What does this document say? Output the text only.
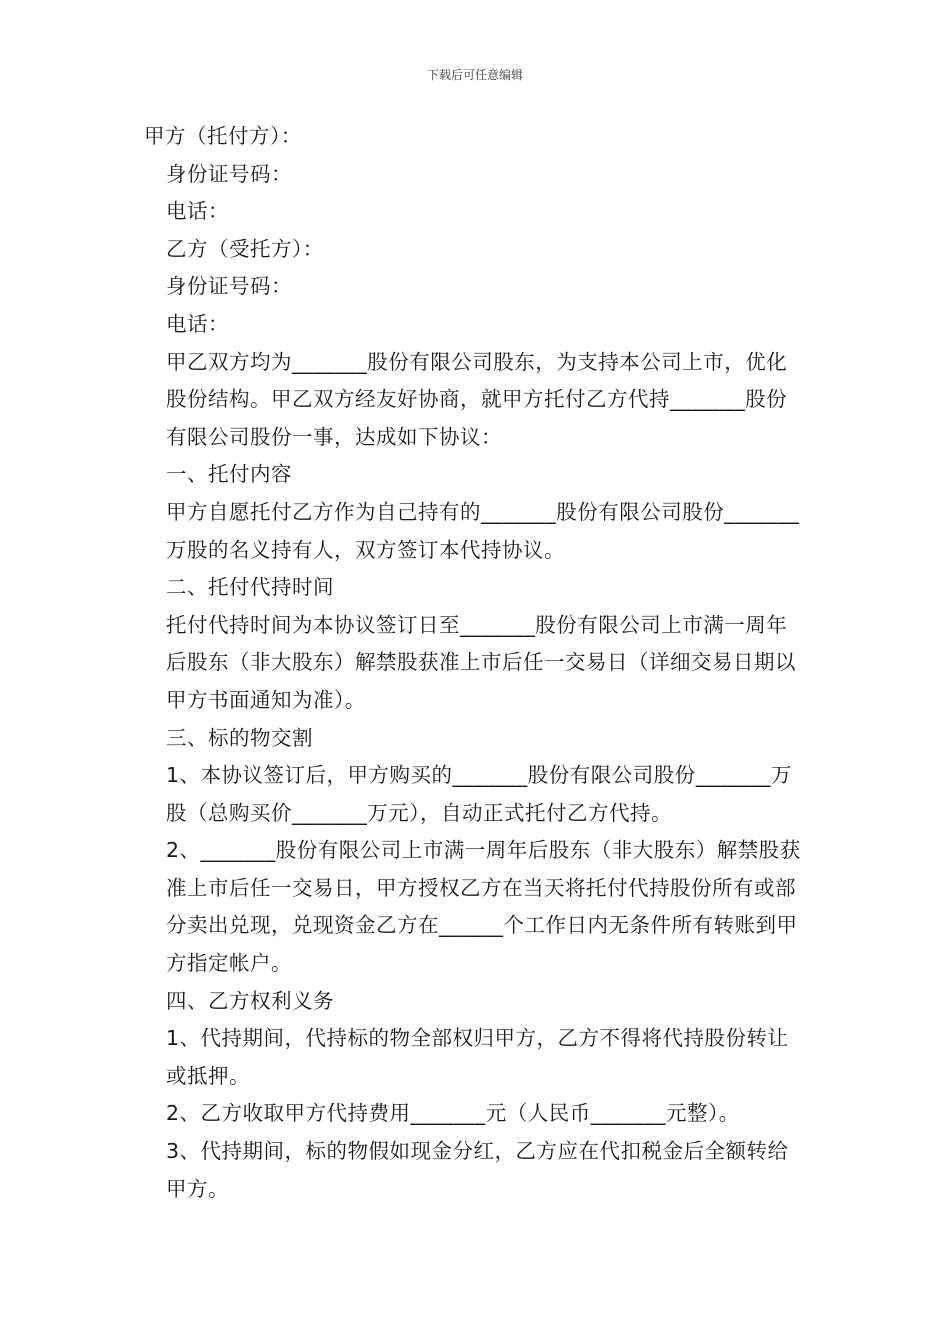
下载后可任意编辑

甲方（托付方）：

身份证号码：

电话：

乙方（受托方）：

身份证号码：

电话：

甲乙双方均为_______股份有限公司股东，为支持本公司上市，优化股份结构。甲乙双方经友好协商，就甲方托付乙方代持_______股份有限公司股份一事，达成如下协议：

一、托付内容

甲方自愿托付乙方作为自己持有的_______股份有限公司股份_______万股的名义持有人，双方签订本代持协议。

二、托付代持时间

托付代持时间为本协议签订日至_______股份有限公司上市满一周年后股东（非大股东）解禁股获准上市后任一交易日（详细交易日期以甲方书面通知为准）。

三、标的物交割

1、本协议签订后，甲方购买的_______股份有限公司股份_______万股（总购买价_______万元），自动正式托付乙方代持。

2、_______股份有限公司上市满一周年后股东（非大股东）解禁股获准上市后任一交易日，甲方授权乙方在当天将托付代持股份所有或部分卖出兑现，兑现资金乙方在______个工作日内无条件所有转账到甲方指定帐户。

四、乙方权利义务

1、代持期间，代持标的物全部权归甲方，乙方不得将代持股份转让或抵押。

2、乙方收取甲方代持费用_______元（人民币_______元整）。

3、代持期间，标的物假如现金分红，乙方应在代扣税金后全额转给甲方。
